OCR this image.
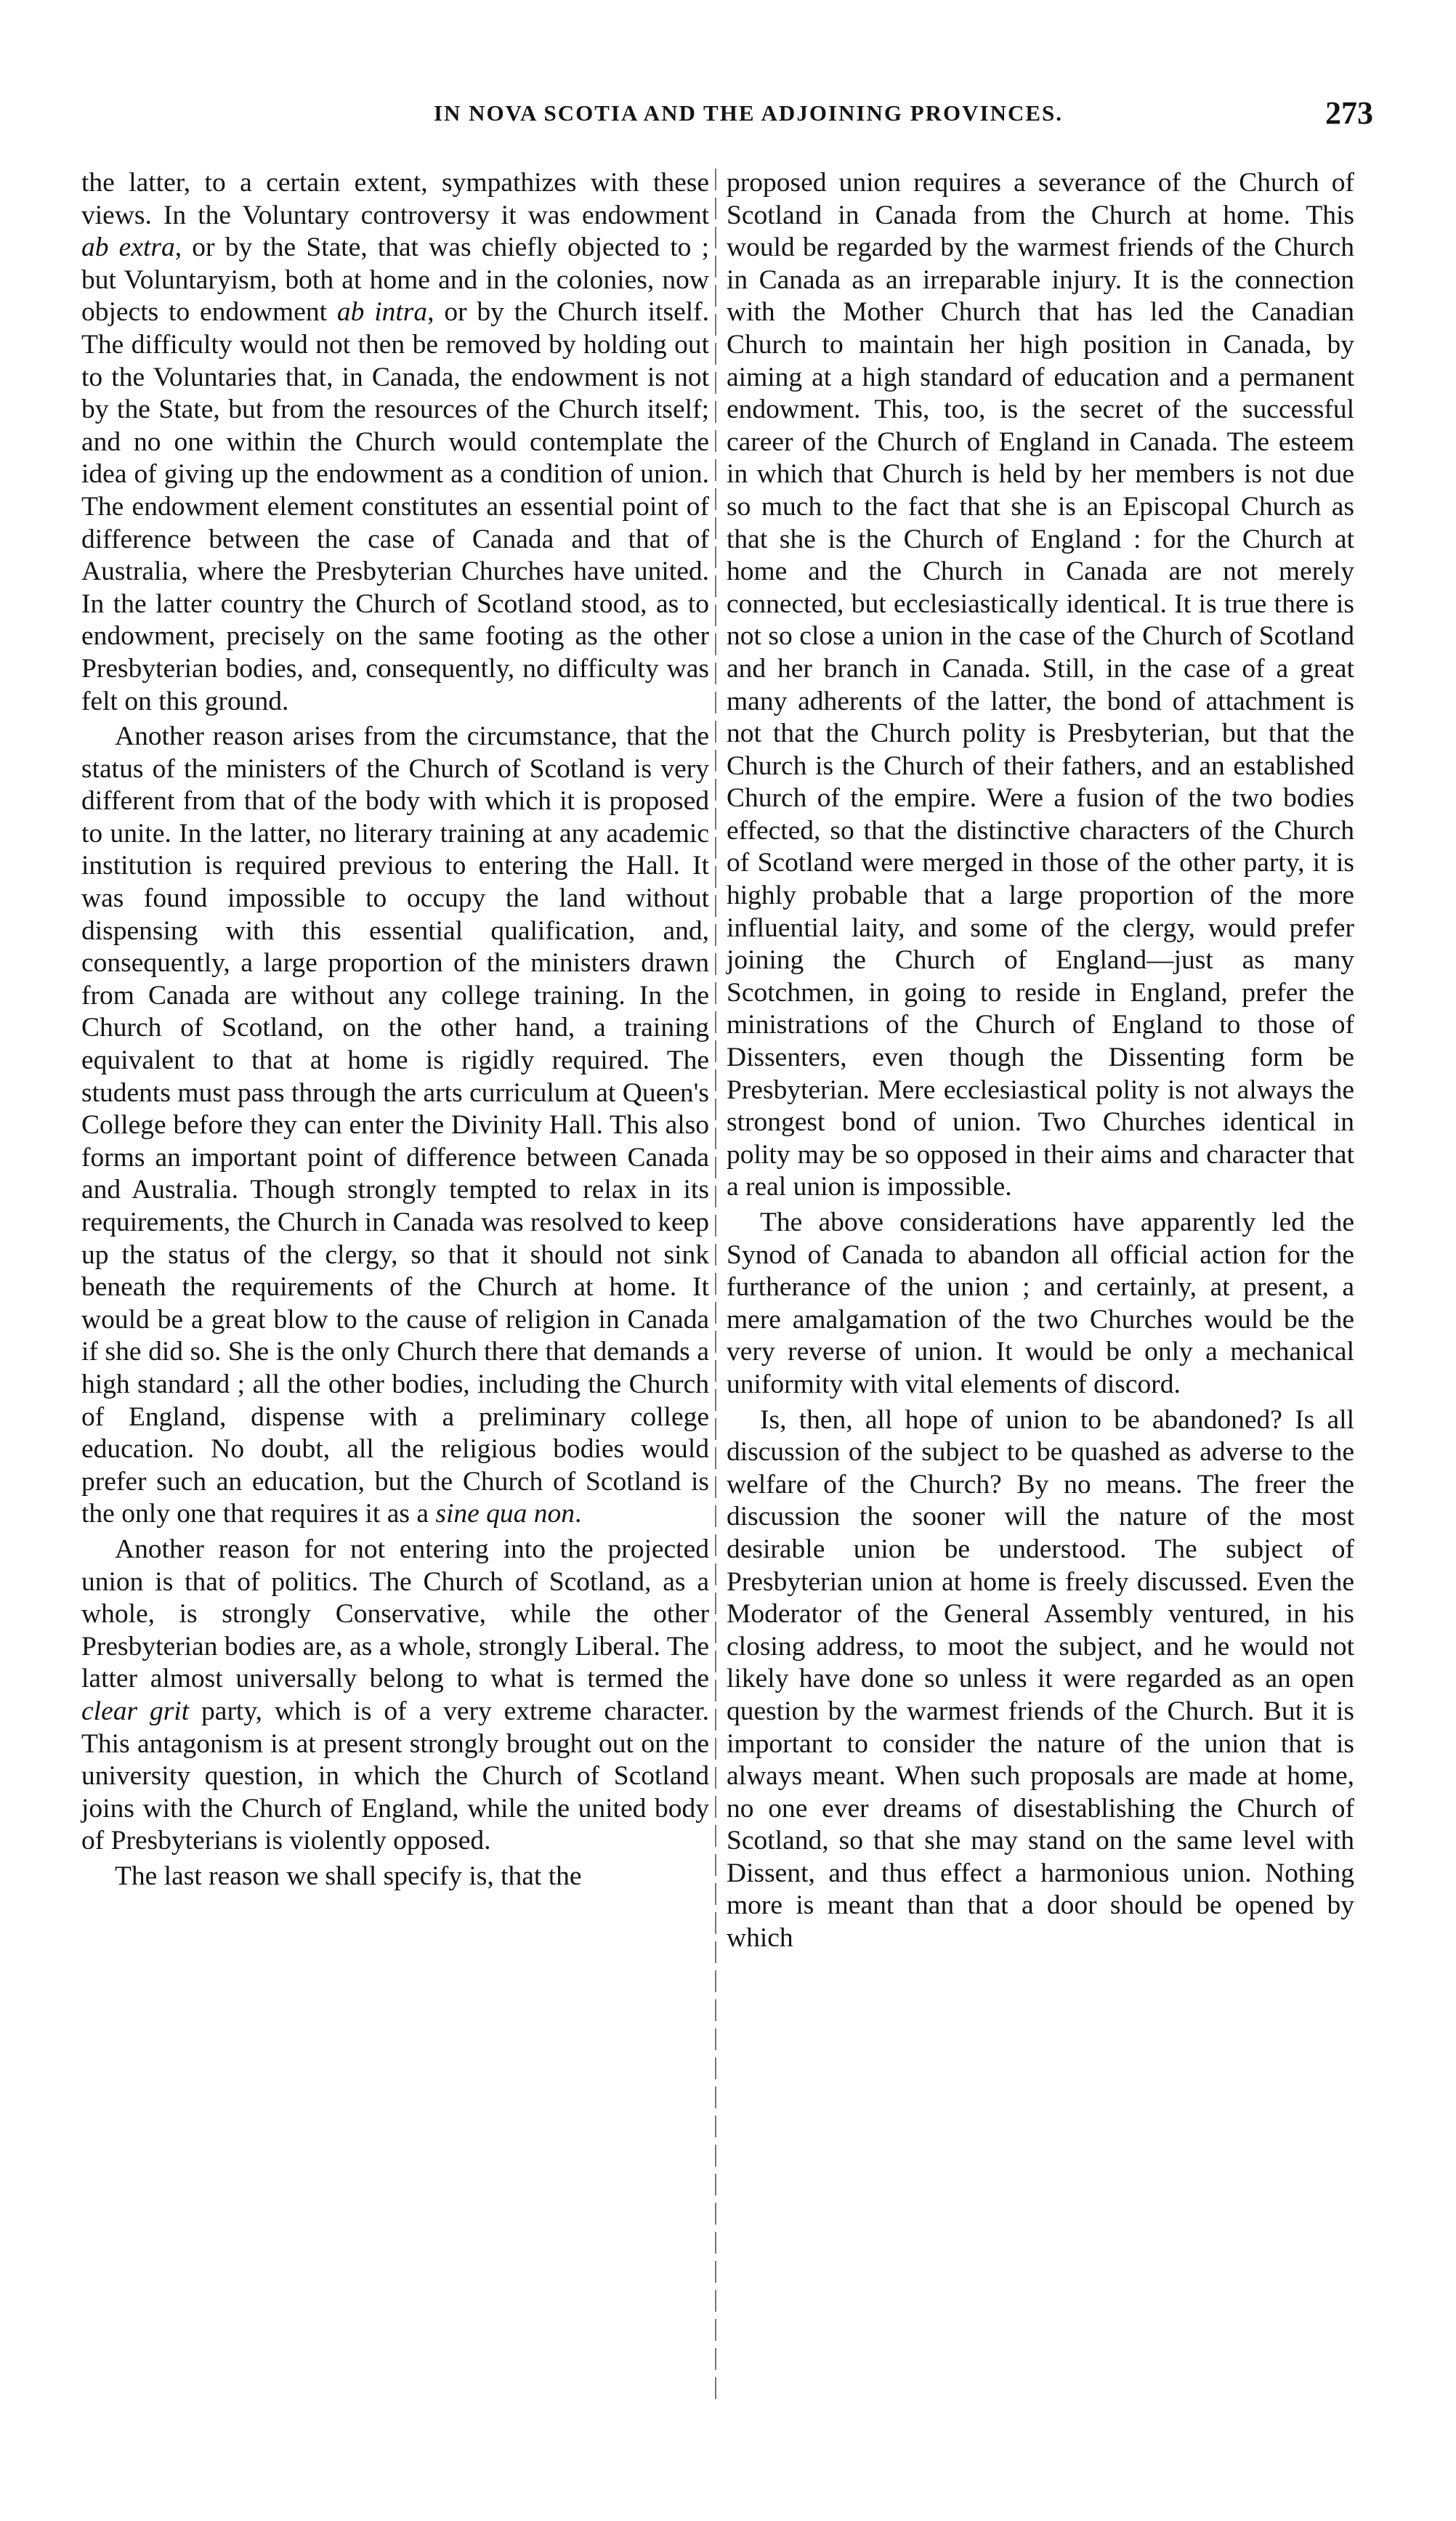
IN NOVA SCOTIA AND THE ADJOINING PROVINCES.	273

the latter, to a certain extent, sympathizes with these views. In the Voluntary controversy it was endowment ab extra, or by the State, that was chiefly objected to ; but Voluntaryism, both at home and in the colonies, now objects to endowment ab intra, or by the Church itself. The difficulty would not then be removed by holding out to the Voluntaries that, in Canada, the endowment is not by the State, but from the resources of the Church itself; and no one within the Church would contemplate the idea of giving up the endowment as a condition of union. The endowment element constitutes an essential point of difference between the case of Canada and that of Australia, where the Presbyterian Churches have united. In the latter country the Church of Scotland stood, as to endowment, precisely on the same footing as the other Presbyterian bodies, and, consequently, no difficulty was felt on this ground.

Another reason arises from the circumstance, that the status of the ministers of the Church of Scotland is very different from that of the body with which it is proposed to unite. In the latter, no literary training at any academic institution is required previous to entering the Hall. It was found impossible to occupy the land without dispensing with this essential qualification, and, consequently, a large proportion of the ministers drawn from Canada are without any college training. In the Church of Scotland, on the other hand, a training equivalent to that at home is rigidly required. The students must pass through the arts curriculum at Queen's College before they can enter the Divinity Hall. This also forms an important point of difference between Canada and Australia. Though strongly tempted to relax in its requirements, the Church in Canada was resolved to keep up the status of the clergy, so that it should not sink beneath the requirements of the Church at home. It would be a great blow to the cause of religion in Canada if she did so. She is the only Church there that demands a high standard ; all the other bodies, including the Church of England, dispense with a preliminary college education. No doubt, all the religious bodies would prefer such an education, but the Church of Scotland is the only one that requires it as a sine qua non.

Another reason for not entering into the projected union is that of politics. The Church of Scotland, as a whole, is strongly Conservative, while the other Presbyterian bodies are, as a whole, strongly Liberal. The latter almost universally belong to what is termed the clear grit party, which is of a very extreme character. This antagonism is at present strongly brought out on the university question, in which the Church of Scotland joins with the Church of England, while the united body of Presbyterians is violently opposed.

The last reason we shall specify is, that the

proposed union requires a severance of the Church of Scotland in Canada from the Church at home. This would be regarded by the warmest friends of the Church in Canada as an irreparable injury. It is the connection with the Mother Church that has led the Canadian Church to maintain her high position in Canada, by aiming at a high standard of education and a permanent endowment. This, too, is the secret of the successful career of the Church of England in Canada. The esteem in which that Church is held by her members is not due so much to the fact that she is an Episcopal Church as that she is the Church of England : for the Church at home and the Church in Canada are not merely connected, but ecclesiastically identical. It is true there is not so close a union in the case of the Church of Scotland and her branch in Canada. Still, in the case of a great many adherents of the latter, the bond of attachment is not that the Church polity is Presbyterian, but that the Church is the Church of their fathers, and an established Church of the empire. Were a fusion of the two bodies effected, so that the distinctive characters of the Church of Scotland were merged in those of the other party, it is highly probable that a large proportion of the more influential laity, and some of the clergy, would prefer joining the Church of England—just as many Scotchmen, in going to reside in England, prefer the ministrations of the Church of England to those of Dissenters, even though the Dissenting form be Presbyterian. Mere ecclesiastical polity is not always the strongest bond of union. Two Churches identical in polity may be so opposed in their aims and character that a real union is impossible.

The above considerations have apparently led the Synod of Canada to abandon all official action for the furtherance of the union ; and certainly, at present, a mere amalgamation of the two Churches would be the very reverse of union. It would be only a mechanical uniformity with vital elements of discord.

Is, then, all hope of union to be abandoned? Is all discussion of the subject to be quashed as adverse to the welfare of the Church? By no means. The freer the discussion the sooner will the nature of the most desirable union be understood. The subject of Presbyterian union at home is freely discussed. Even the Moderator of the General Assembly ventured, in his closing address, to moot the subject, and he would not likely have done so unless it were regarded as an open question by the warmest friends of the Church. But it is important to consider the nature of the union that is always meant. When such proposals are made at home, no one ever dreams of disestablishing the Church of Scotland, so that she may stand on the same level with Dissent, and thus effect a harmonious union. Nothing more is meant than that a door should be opened by which
